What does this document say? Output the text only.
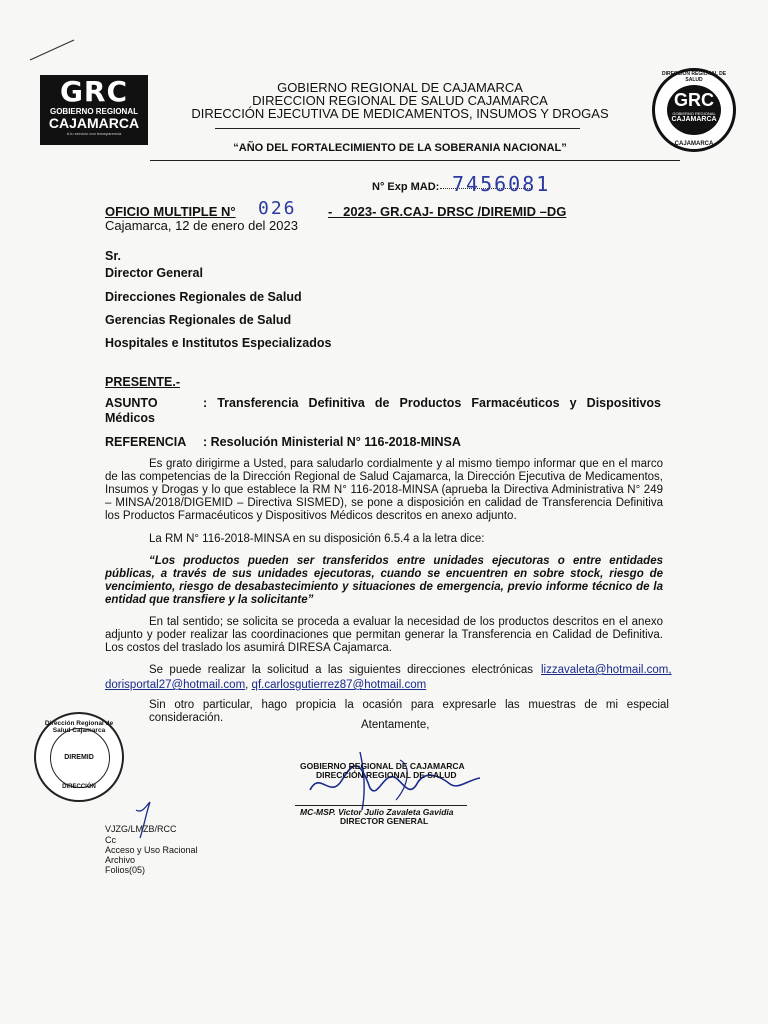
GRC
GOBIERNO REGIONAL
CAJAMARCA
A tu servicio con transparencia
GOBIERNO REGIONAL DE CAJAMARCA
DIRECCION REGIONAL DE SALUD CAJAMARCA
DIRECCIÓN EJECUTIVA DE MEDICAMENTOS, INSUMOS Y DROGAS
“AÑO DEL FORTALECIMIENTO DE LA SOBERANIA NACIONAL”
DIRECCIÓN REGIONAL DE SALUD
GRC
GOBIERNO REGIONAL
CAJAMARCA
CAJAMARCA
N° Exp MAD: 7456081
OFICIO MULTIPLE N° 026 -   2023- GR.CAJ- DRSC /DIREMID –DG
Cajamarca, 12 de enero del 2023
Sr.
Director General
Direcciones Regionales de Salud
Gerencias Regionales de Salud
Hospitales e Institutos Especializados
PRESENTE.-
ASUNTO	: Transferencia Definitiva de Productos Farmacéuticos y Dispositivos
Médicos
REFERENCIA : Resolución Ministerial N° 116-2018-MINSA
Es grato dirigirme a Usted, para saludarlo cordialmente y al mismo tiempo informar que en el marco de las competencias de la Dirección Regional de Salud Cajamarca, la Dirección Ejecutiva de Medicamentos, Insumos y Drogas y lo que establece la RM N° 116-2018-MINSA (aprueba la Directiva Administrativa N° 249 – MINSA/2018/DIGEMID – Directiva SISMED), se pone a disposición en calidad de Transferencia Definitiva los Productos Farmacéuticos y Dispositivos Médicos descritos en anexo adjunto.
La RM N° 116-2018-MINSA en su disposición 6.5.4 a la letra dice:
“Los productos pueden ser transferidos entre unidades ejecutoras o entre entidades públicas, a través de sus unidades ejecutoras, cuando se encuentren en sobre stock, riesgo de vencimiento, riesgo de desabastecimiento y situaciones de emergencia, previo informe técnico de la entidad que transfiere y la solicitante”
En tal sentido; se solicita se proceda a evaluar la necesidad de los productos descritos en el anexo adjunto y poder realizar las coordinaciones que permitan generar la Transferencia en Calidad de Definitiva. Los costos del traslado los asumirá DIRESA Cajamarca.
Se puede realizar la solicitud a las siguientes direcciones electrónicas lizzavaleta@hotmail.com,
dorisportal27@hotmail.com, qf.carlosgutierrez87@hotmail.com
Sin otro particular, hago propicia la ocasión para expresarle las muestras de mi especial consideración.
Atentamente,
Dirección Regional de Salud Cajamarca
DIREMID
DIRECCIÓN
GOBIERNO REGIONAL DE CAJAMARCA
DIRECCIÓN REGIONAL DE SALUD
MC-MSP. Victor Julio Zavaleta Gavidia
DIRECTOR GENERAL
VJZG/LMZB/RCC
Cc
Acceso y Uso Racional
Archivo
Folios(05)
